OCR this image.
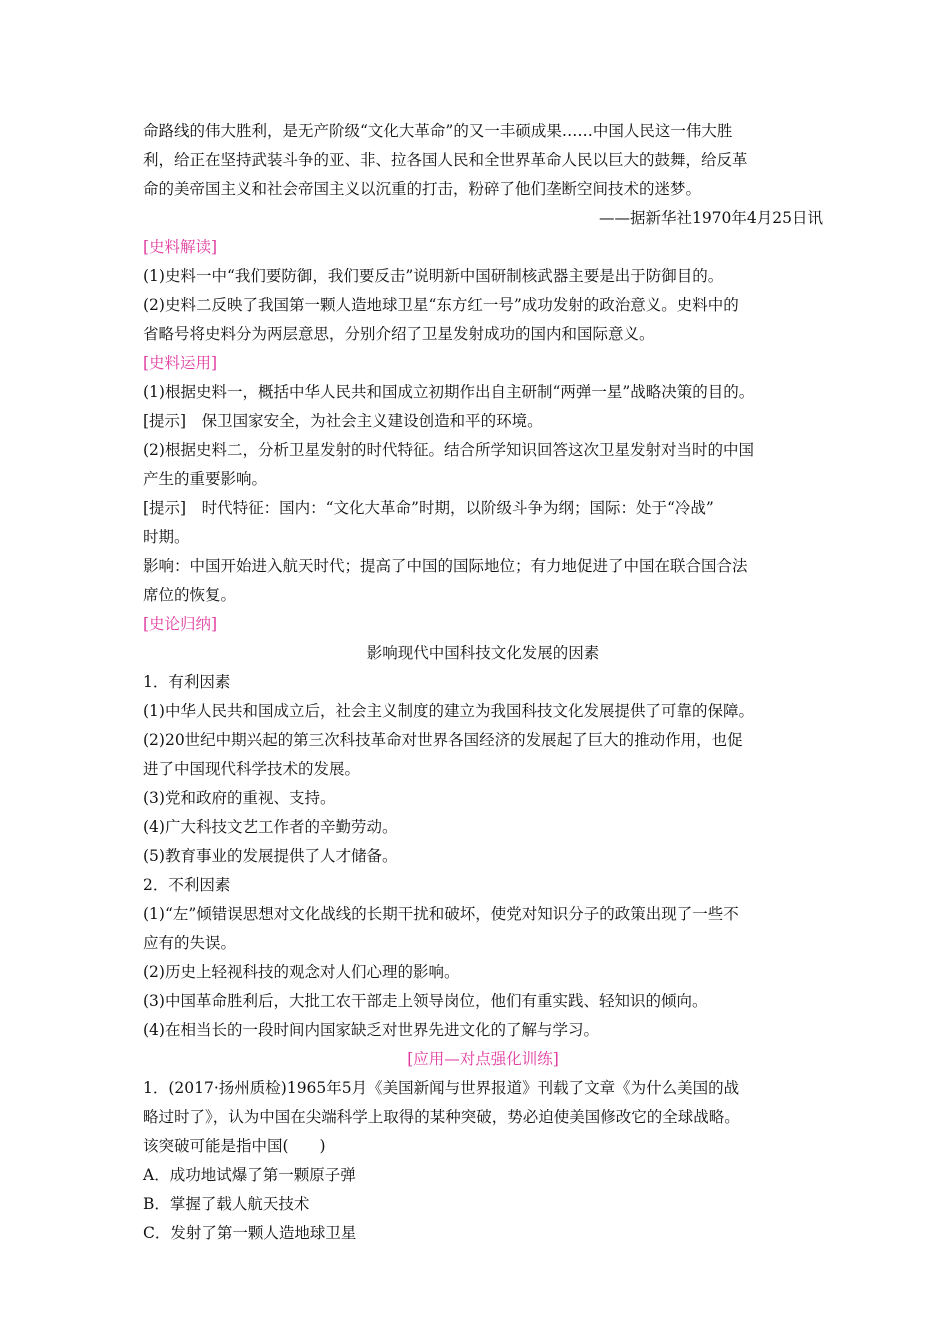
命路线的伟大胜利，是无产阶级“文化大革命”的又一丰硕成果……中国人民这一伟大胜
利，给正在坚持武装斗争的亚、非、拉各国人民和全世界革命人民以巨大的鼓舞，给反革
命的美帝国主义和社会帝国主义以沉重的打击，粉碎了他们垄断空间技术的迷梦。
——据新华社1970年4月25日讯
[史料解读]
(1)史料一中“我们要防御，我们要反击”说明新中国研制核武器主要是出于防御目的。
(2)史料二反映了我国第一颗人造地球卫星“东方红一号”成功发射的政治意义。史料中的
省略号将史料分为两层意思，分别介绍了卫星发射成功的国内和国际意义。
[史料运用]
(1)根据史料一，概括中华人民共和国成立初期作出自主研制“两弹一星”战略决策的目的。
[提示]　保卫国家安全，为社会主义建设创造和平的环境。
(2)根据史料二，分析卫星发射的时代特征。结合所学知识回答这次卫星发射对当时的中国
产生的重要影响。
[提示]　时代特征：国内：“文化大革命”时期，以阶级斗争为纲；国际：处于“冷战”
时期。
影响：中国开始进入航天时代；提高了中国的国际地位；有力地促进了中国在联合国合法
席位的恢复。
[史论归纳]
影响现代中国科技文化发展的因素
1．有利因素
(1)中华人民共和国成立后，社会主义制度的建立为我国科技文化发展提供了可靠的保障。
(2)20世纪中期兴起的第三次科技革命对世界各国经济的发展起了巨大的推动作用，也促
进了中国现代科学技术的发展。
(3)党和政府的重视、支持。
(4)广大科技文艺工作者的辛勤劳动。
(5)教育事业的发展提供了人才储备。
2．不利因素
(1)“左”倾错误思想对文化战线的长期干扰和破坏，使党对知识分子的政策出现了一些不
应有的失误。
(2)历史上轻视科技的观念对人们心理的影响。
(3)中国革命胜利后，大批工农干部走上领导岗位，他们有重实践、轻知识的倾向。
(4)在相当长的一段时间内国家缺乏对世界先进文化的了解与学习。
[应用—对点强化训练]
1．(2017·扬州质检)1965年5月《美国新闻与世界报道》刊载了文章《为什么美国的战
略过时了》，认为中国在尖端科学上取得的某种突破，势必迫使美国修改它的全球战略。
该突破可能是指中国(　　)
A．成功地试爆了第一颗原子弹
B．掌握了载人航天技术
C．发射了第一颗人造地球卫星
